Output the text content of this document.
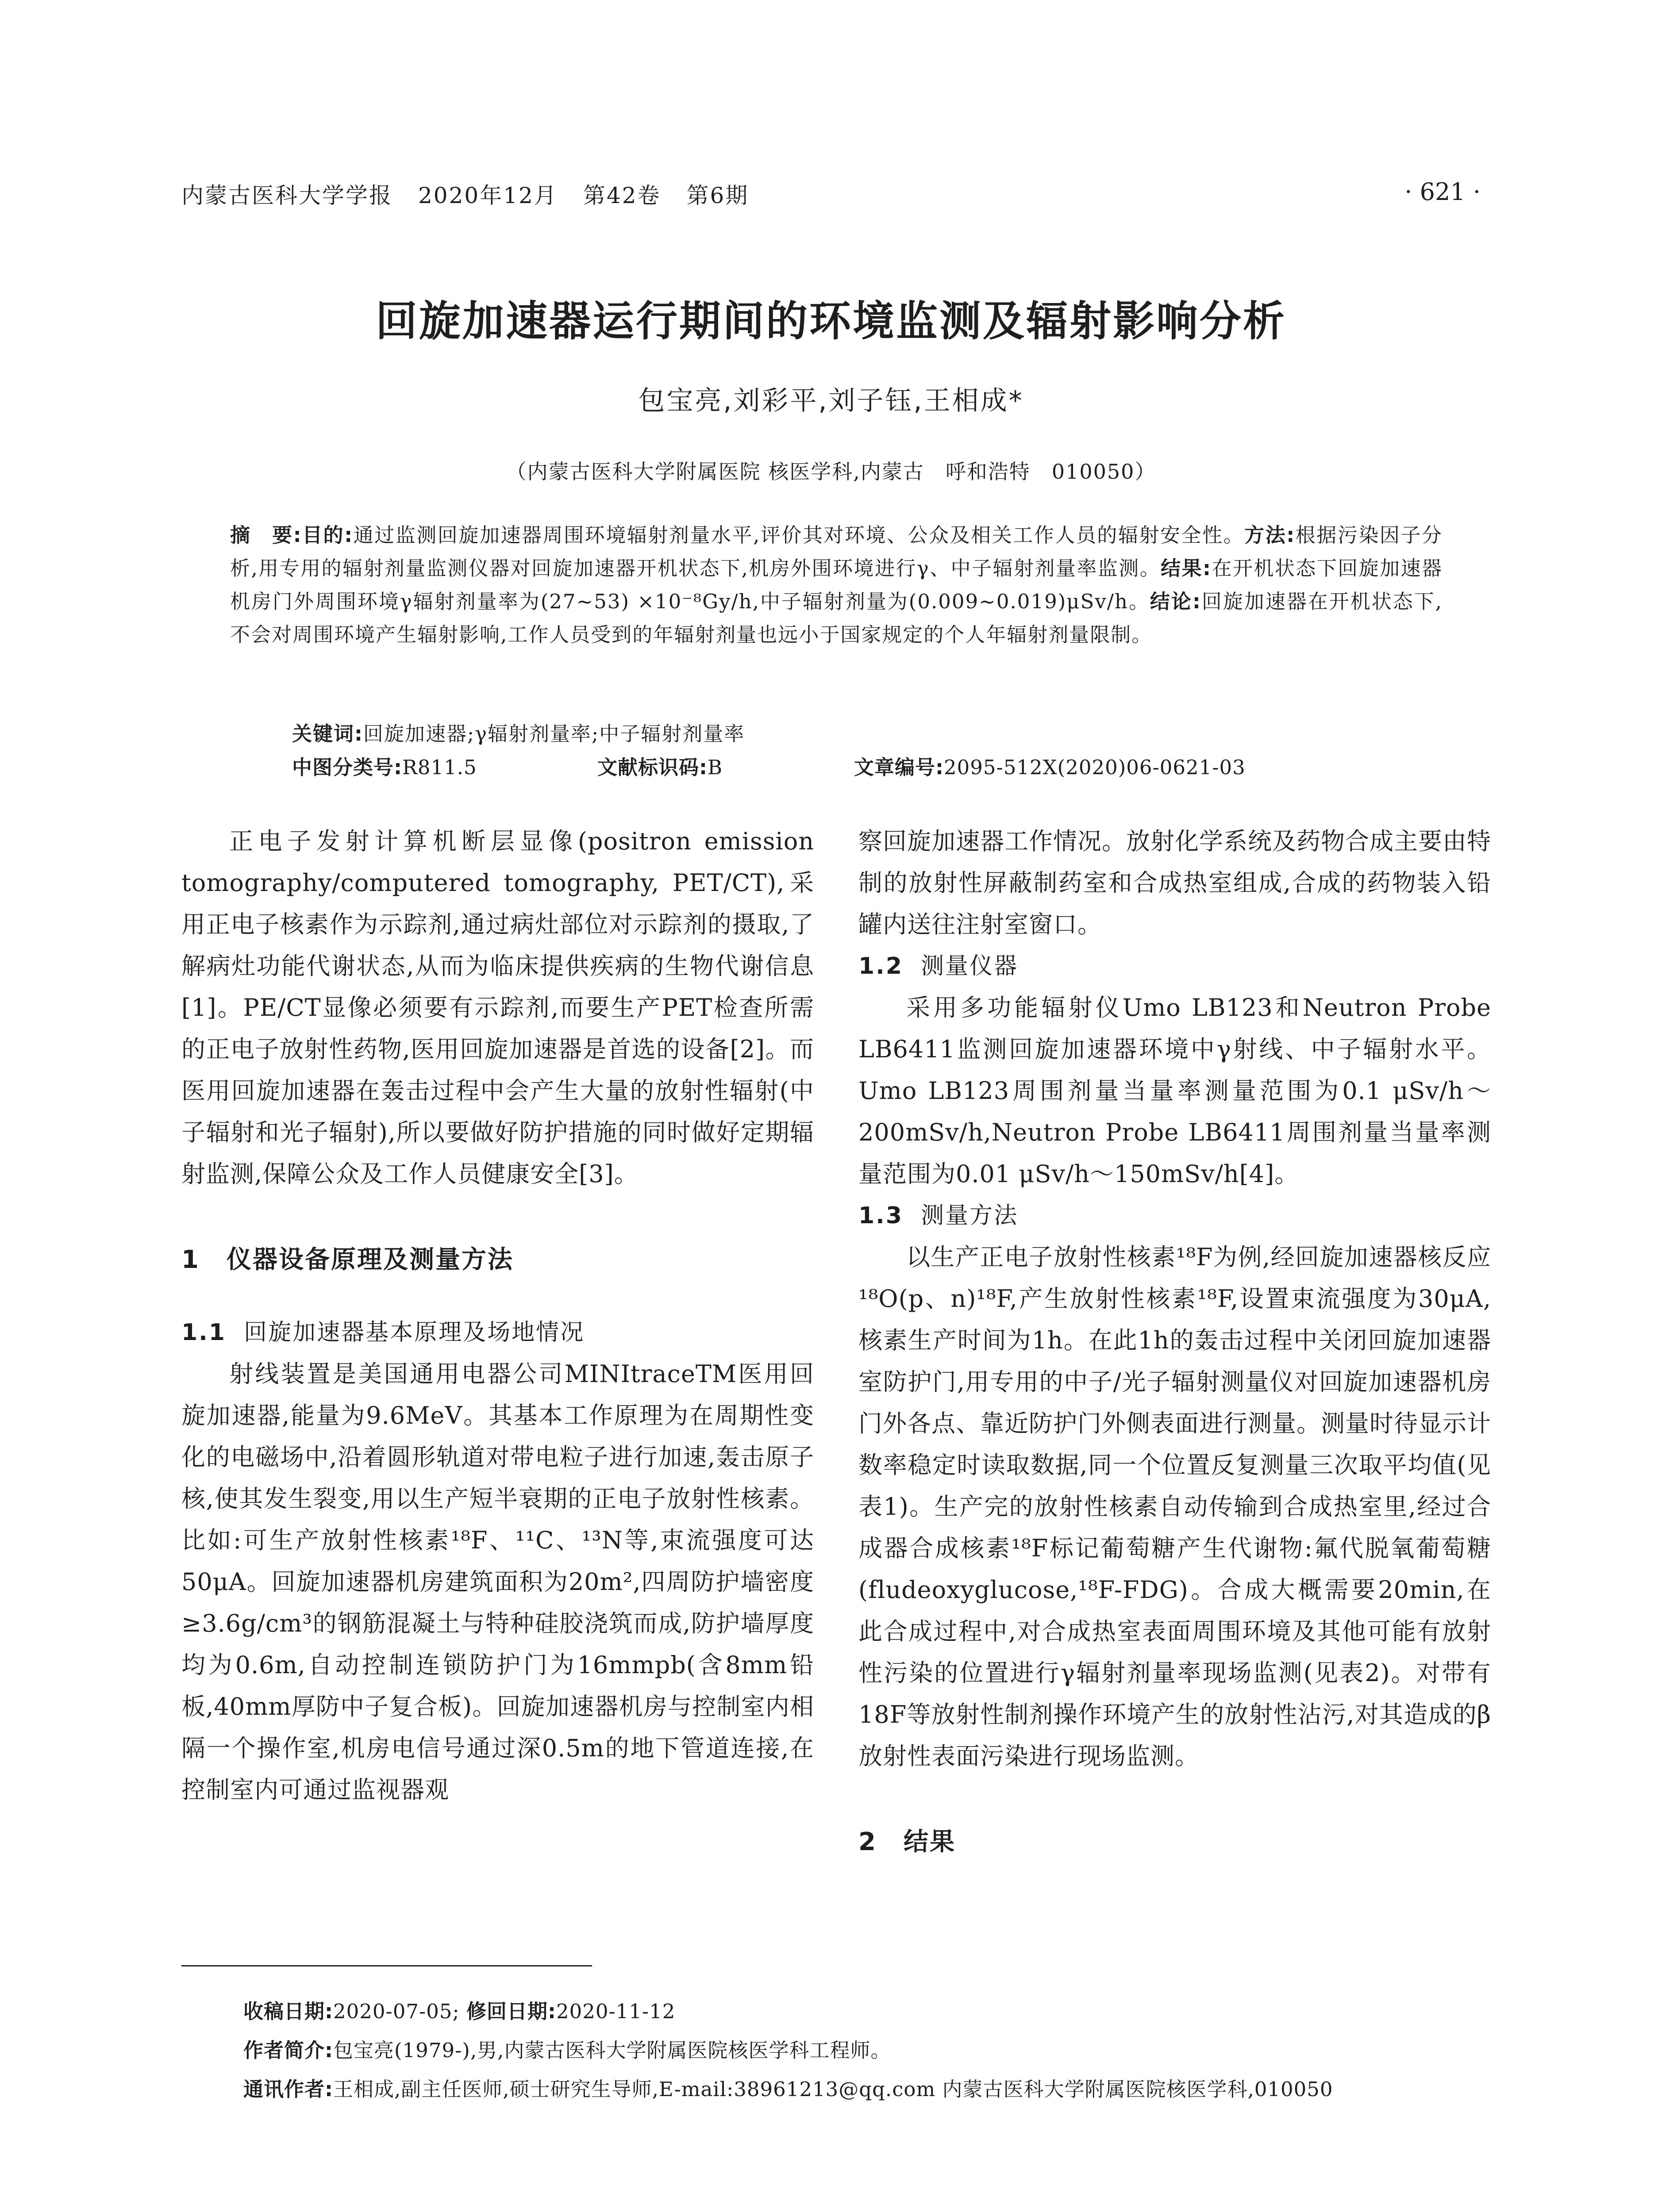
内蒙古医科大学学报 2020年12月 第42卷 第6期	· 621 ·
回旋加速器运行期间的环境监测及辐射影响分析
包宝亮,刘彩平,刘子钰,王相成*
（内蒙古医科大学附属医院 核医学科,内蒙古　呼和浩特　010050）
摘　要:目的:通过监测回旋加速器周围环境辐射剂量水平,评价其对环境、公众及相关工作人员的辐射安全性。方法:根据污染因子分析,用专用的辐射剂量监测仪器对回旋加速器开机状态下,机房外围环境进行γ、中子辐射剂量率监测。结果:在开机状态下回旋加速器机房门外周围环境γ辐射剂量率为(27~53) ×10⁻⁸Gy/h,中子辐射剂量为(0.009~0.019)μSv/h。结论:回旋加速器在开机状态下,不会对周围环境产生辐射影响,工作人员受到的年辐射剂量也远小于国家规定的个人年辐射剂量限制。
关键词:回旋加速器;γ辐射剂量率;中子辐射剂量率
中图分类号:R811.5	文献标识码:B	文章编号:2095-512X(2020)06-0621-03

正电子发射计算机断层显像(positron emission tomography/computered tomography, PET/CT),采用正电子核素作为示踪剂,通过病灶部位对示踪剂的摄取,了解病灶功能代谢状态,从而为临床提供疾病的生物代谢信息[1]。PE/CT显像必须要有示踪剂,而要生产PET检查所需的正电子放射性药物,医用回旋加速器是首选的设备[2]。而医用回旋加速器在轰击过程中会产生大量的放射性辐射(中子辐射和光子辐射),所以要做好防护措施的同时做好定期辐射监测,保障公众及工作人员健康安全[3]。

1 仪器设备原理及测量方法
1.1 回旋加速器基本原理及场地情况

射线装置是美国通用电器公司MINItraceTM医用回旋加速器,能量为9.6MeV。其基本工作原理为在周期性变化的电磁场中,沿着圆形轨道对带电粒子进行加速,轰击原子核,使其发生裂变,用以生产短半衰期的正电子放射性核素。比如:可生产放射性核素¹⁸F、¹¹C、¹³N等,束流强度可达50μA。回旋加速器机房建筑面积为20m²,四周防护墙密度≥3.6g/cm³的钢筋混凝土与特种硅胶浇筑而成,防护墙厚度均为0.6m,自动控制连锁防护门为16mmpb(含8mm铅板,40mm厚防中子复合板)。回旋加速器机房与控制室内相隔一个操作室,机房电信号通过深0.5m的地下管道连接,在控制室内可通过监视器观

察回旋加速器工作情况。放射化学系统及药物合成主要由特制的放射性屏蔽制药室和合成热室组成,合成的药物装入铅罐内送往注射室窗口。

1.2 测量仪器

采用多功能辐射仪Umo LB123和Neutron Probe LB6411监测回旋加速器环境中γ射线、中子辐射水平。Umo LB123周围剂量当量率测量范围为0.1 μSv/h～200mSv/h,Neutron Probe LB6411周围剂量当量率测量范围为0.01 μSv/h～150mSv/h[4]。

1.3 测量方法

以生产正电子放射性核素¹⁸F为例,经回旋加速器核反应¹⁸O(p、n)¹⁸F,产生放射性核素¹⁸F,设置束流强度为30μA,核素生产时间为1h。在此1h的轰击过程中关闭回旋加速器室防护门,用专用的中子/光子辐射测量仪对回旋加速器机房门外各点、靠近防护门外侧表面进行测量。测量时待显示计数率稳定时读取数据,同一个位置反复测量三次取平均值(见表1)。生产完的放射性核素自动传输到合成热室里,经过合成器合成核素¹⁸F标记葡萄糖产生代谢物:氟代脱氧葡萄糖(fludeoxyglucose,¹⁸F-FDG)。合成大概需要20min,在此合成过程中,对合成热室表面周围环境及其他可能有放射性污染的位置进行γ辐射剂量率现场监测(见表2)。对带有18F等放射性制剂操作环境产生的放射性沾污,对其造成的β放射性表面污染进行现场监测。

2 结果
收稿日期:2020-07-05; 修回日期:2020-11-12
作者简介:包宝亮(1979-),男,内蒙古医科大学附属医院核医学科工程师。
通讯作者:王相成,副主任医师,硕士研究生导师,E-mail:38961213@qq.com 内蒙古医科大学附属医院核医学科,010050
